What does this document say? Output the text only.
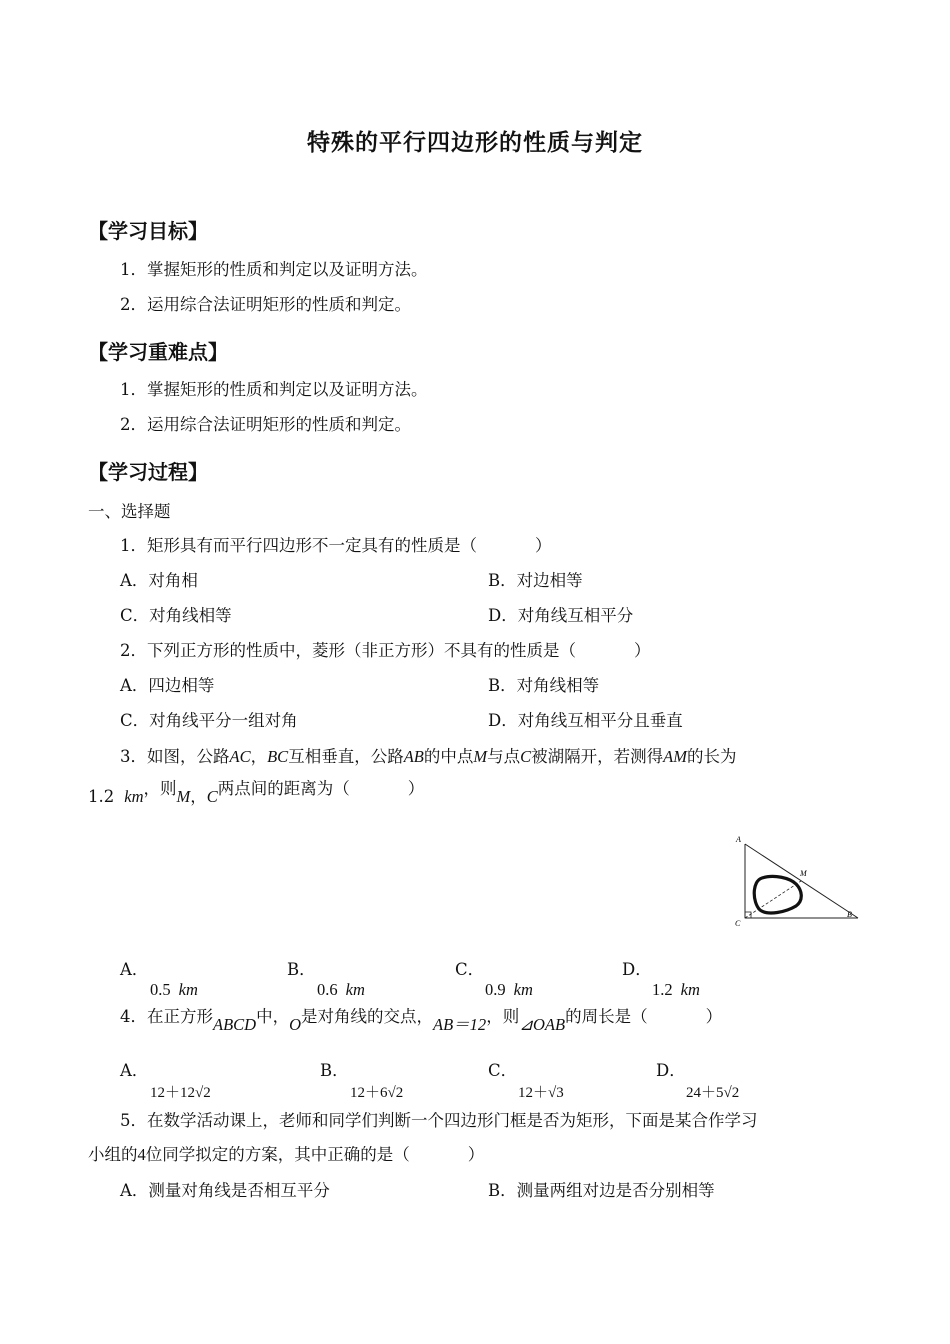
特殊的平行四边形的性质与判定
【学习目标】
1．掌握矩形的性质和判定以及证明方法。
2．运用综合法证明矩形的性质和判定。
【学习重难点】
1．掌握矩形的性质和判定以及证明方法。
2．运用综合法证明矩形的性质和判定。
【学习过程】
一、选择题
1．矩形具有而平行四边形不一定具有的性质是（	）
A．对角相	B．对边相等
C．对角线相等	D．对角线互相平分
2．下列正方形的性质中，菱形（非正方形）不具有的性质是（	）
A．四边相等	B．对角线相等
C．对角线平分一组对角	D．对角线互相平分且垂直
3．如图，公路AC，BC互相垂直，公路AB的中点M与点C被湖隔开，若测得AM的长为
1.2 km，则M，C两点间的距离为（	）
A
M
C
B
A．
0.5 km
B．
0.6 km
C．
0.9 km
D．
1.2 km
4．在正方形ABCD中，O是对角线的交点，AB＝12，则⊿OAB的周长是（	）
A．
12＋12√2
B．
12＋6√2
C．
12＋√3
D．
24＋5√2
5．在数学活动课上，老师和同学们判断一个四边形门框是否为矩形，下面是某合作学习
小组的4位同学拟定的方案，其中正确的是（	）
A．测量对角线是否相互平分	B．测量两组对边是否分别相等
